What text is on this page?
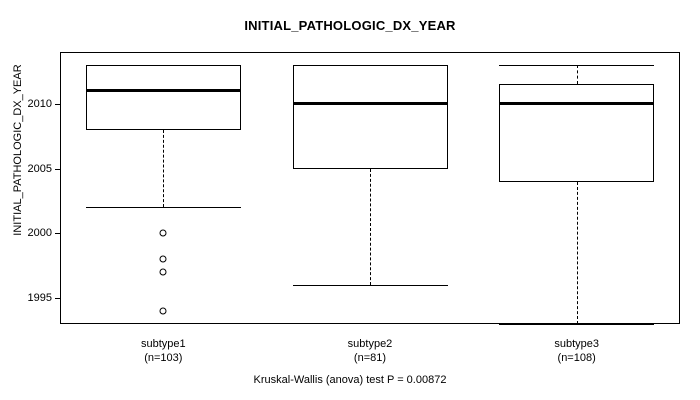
INITIAL_PATHOLOGIC_DX_YEAR
INITIAL_PATHOLOGIC_DX_YEAR
1995
2000
2005
2010
subtype1
(n=103)
subtype2
(n=81)
subtype3
(n=108)
Kruskal-Wallis (anova) test P = 0.00872
